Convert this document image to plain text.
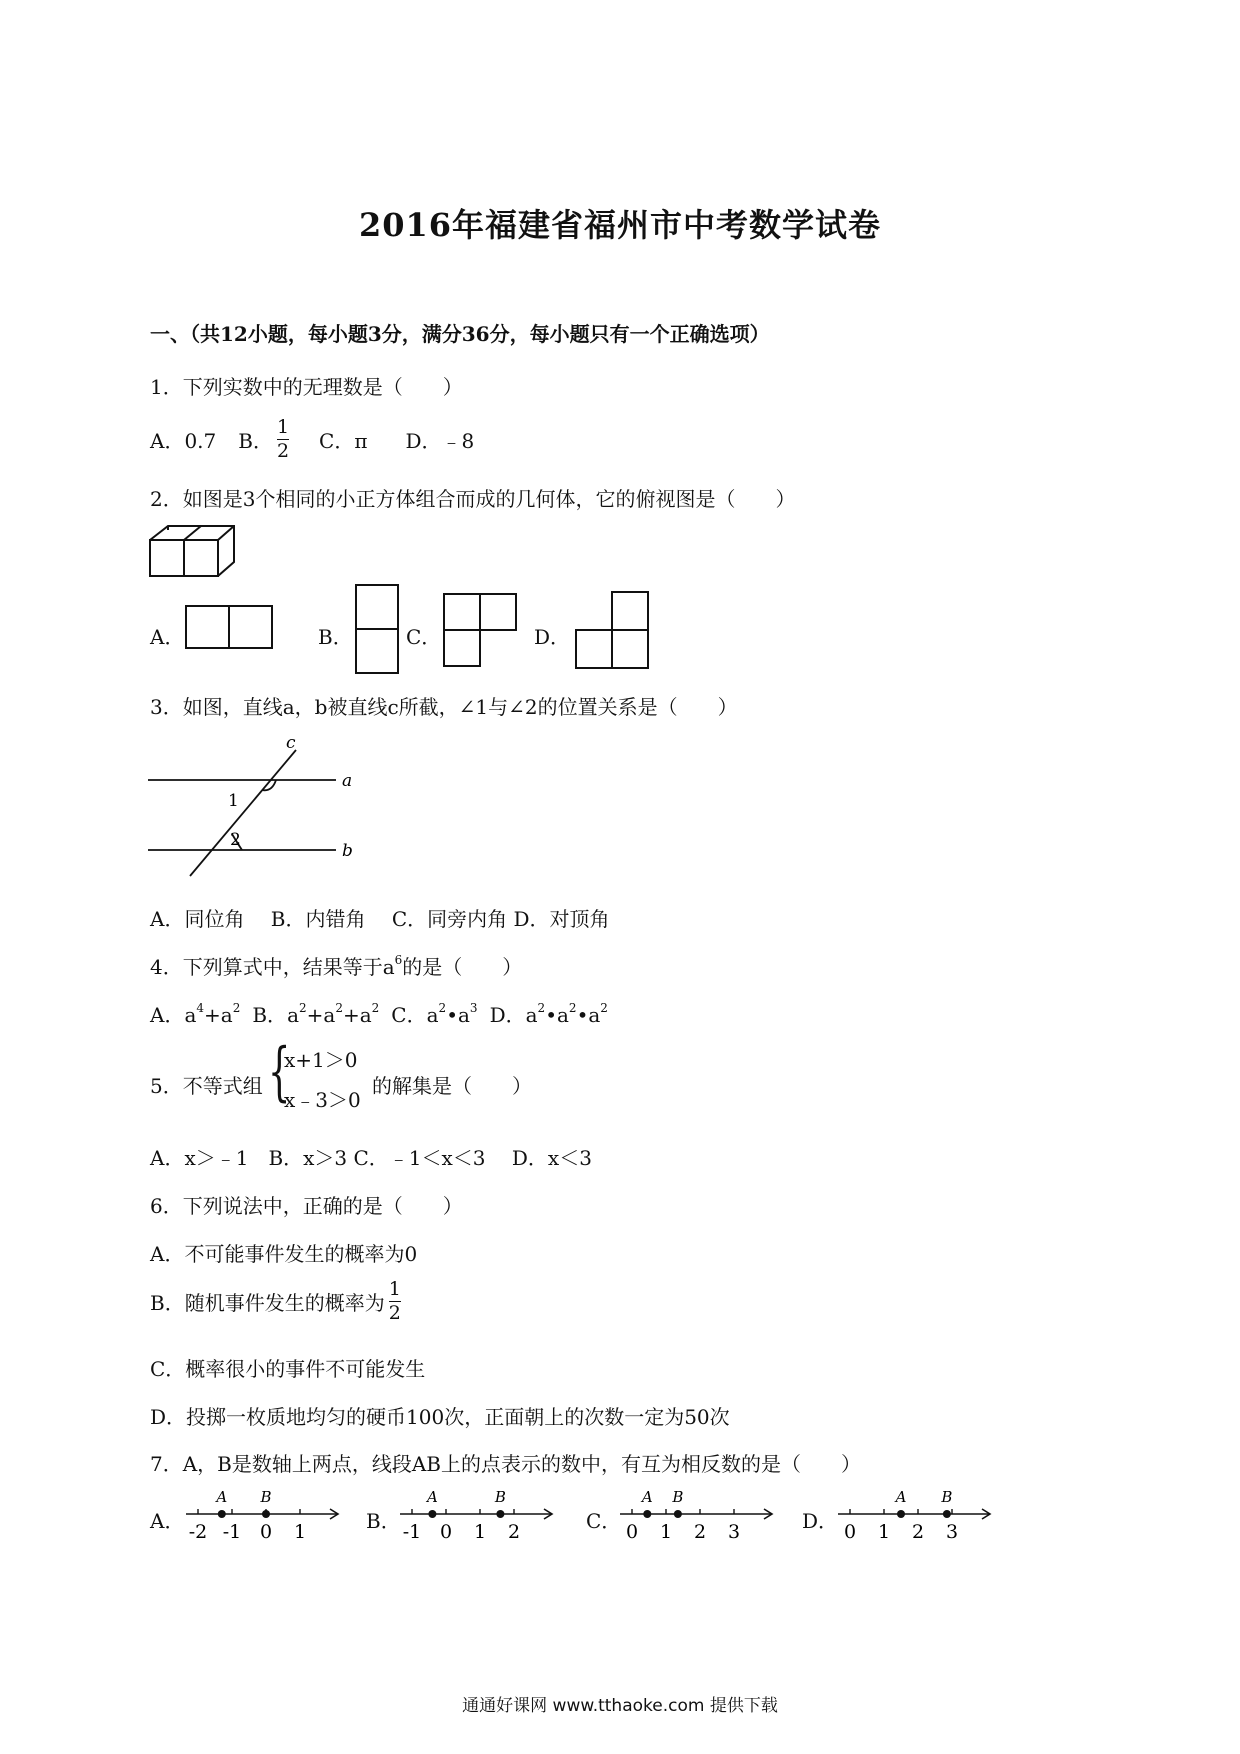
2016年福建省福州市中考数学试卷
一、（共12小题，每小题3分，满分36分，每小题只有一个正确选项）
1．下列实数中的无理数是（　　）
A．0.7 B． $\frac{1}{2}$ C．π D．﹣8
2．如图是3个相同的小正方体组合而成的几何体，它的俯视图是（　　）
A．	B．	C．	D．
3．如图，直线a，b被直线c所截，∠1与∠2的位置关系是（　　）
c
a
b
1
2
A．同位角　 B．内错角　 C．同旁内角 D．对顶角
4．下列算式中，结果等于$a^6$的是（　　）
A．$a^4+a^2$ B．$a^2+a^2+a^2$ C．$a^2•a^3$ D．$a^2•a^2•a^2$
5．不等式组 {
x+1＞0
x﹣3＞0
的解集是（　　）
A．x＞﹣1　B．x＞3 C．﹣1＜x＜3　 D．x＜3
6．下列说法中，正确的是（　　）
A．不可能事件发生的概率为0
B．随机事件发生的概率为 $\frac{1}{2}$
C．概率很小的事件不可能发生
D．投掷一枚质地均匀的硬币100次，正面朝上的次数一定为50次
7．A，B是数轴上两点，线段AB上的点表示的数中，有互为相反数的是（　　）
A．	B．	C．	D．
-2 -1 0 1
A B
-1 0 1 2
A	B
0 1 2 3
A B
0 1 2 3
A B
通通好课网 www.tthaoke.com 提供下载
